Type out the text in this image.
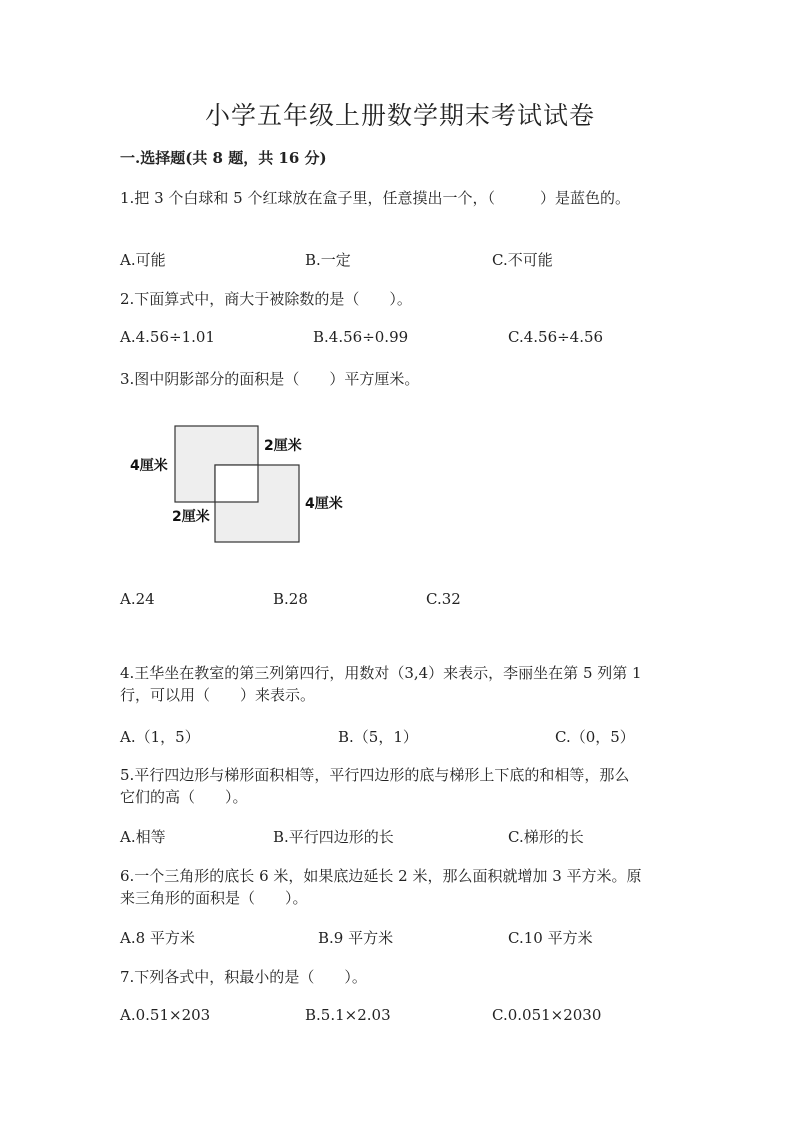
小学五年级上册数学期末考试试卷
一.选择题(共 8 题，共 16 分)
1.把 3 个白球和 5 个红球放在盒子里，任意摸出一个，（　　　）是蓝色的。
A.可能	B.一定	C.不可能
2.下面算式中，商大于被除数的是（　　）。
A.4.56÷1.01	B.4.56÷0.99	C.4.56÷4.56
3.图中阴影部分的面积是（　　）平方厘米。
4厘米
2厘米
2厘米
4厘米
A.24	B.28	C.32
4.王华坐在教室的第三列第四行，用数对（3,4）来表示，李丽坐在第 5 列第 1
行，可以用（　　）来表示。
A.（1，5）	B.（5，1）	C.（0，5）
5.平行四边形与梯形面积相等，平行四边形的底与梯形上下底的和相等，那么
它们的高（　　）。
A.相等	B.平行四边形的长	C.梯形的长
6.一个三角形的底长 6 米，如果底边延长 2 米，那么面积就增加 3 平方米。原
来三角形的面积是（　　）。
A.8 平方米	B.9 平方米	C.10 平方米
7.下列各式中，积最小的是（　　）。
A.0.51×203	B.5.1×2.03	C.0.051×2030
